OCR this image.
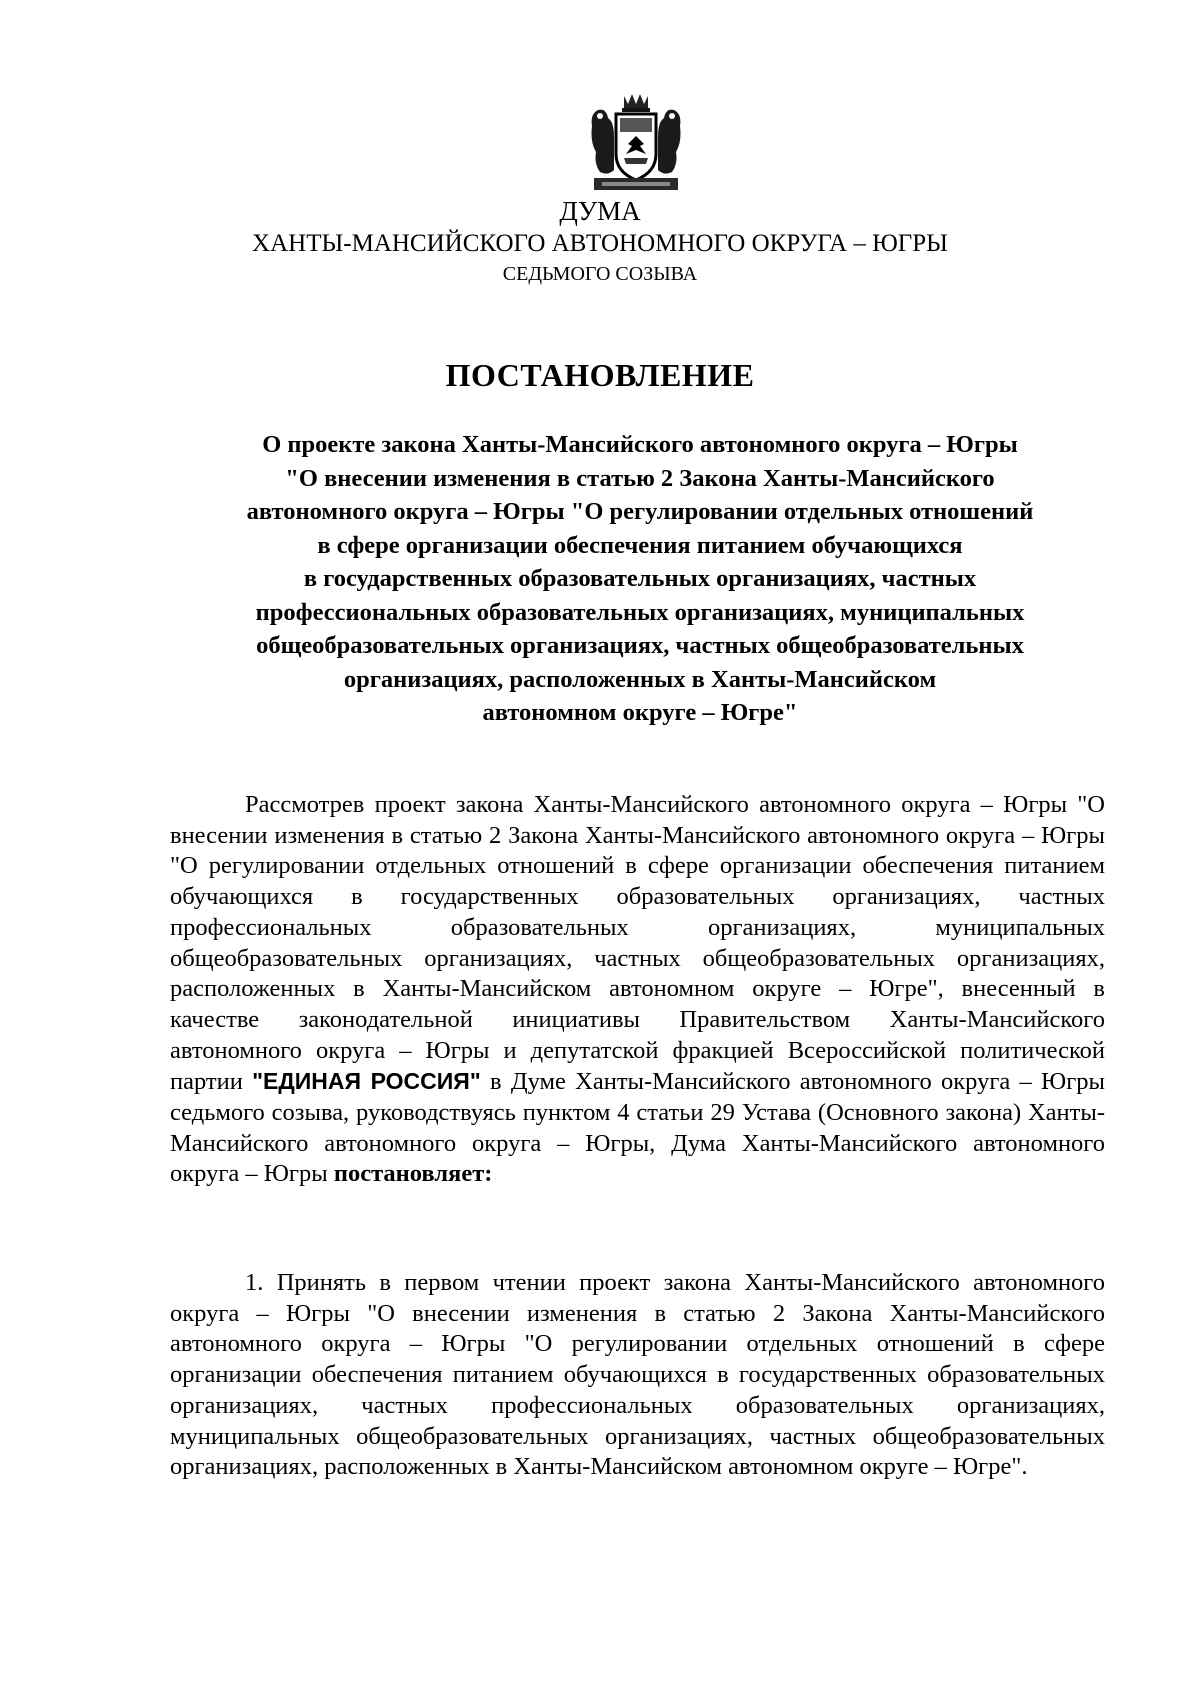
ДУМА
ХАНТЫ-МАНСИЙСКОГО АВТОНОМНОГО ОКРУГА – ЮГРЫ
СЕДЬМОГО СОЗЫВА
ПОСТАНОВЛЕНИЕ
О проекте закона Ханты-Мансийского автономного округа – Югры
"О внесении изменения в статью 2 Закона Ханты-Мансийского
автономного округа – Югры "О регулировании отдельных отношений
в сфере организации обеспечения питанием обучающихся
в государственных образовательных организациях, частных
профессиональных образовательных организациях, муниципальных
общеобразовательных организациях, частных общеобразовательных
организациях, расположенных в Ханты-Мансийском
автономном округе – Югре"

Рассмотрев проект закона Ханты-Мансийского автономного округа – Югры "О внесении изменения в статью 2 Закона Ханты-Мансийского автономного округа – Югры "О регулировании отдельных отношений в сфере организации обеспечения питанием обучающихся в государственных образовательных организациях, частных профессиональных образовательных организациях, муниципальных общеобразовательных организациях, частных общеобразовательных организациях, расположенных в Ханты-Мансийском автономном округе – Югре", внесенный в качестве законодательной инициативы Правительством Ханты-Мансийского автономного округа – Югры и депутатской фракцией Всероссийской политической партии "ЕДИНАЯ РОССИЯ" в Думе Ханты-Мансийского автономного округа – Югры седьмого созыва, руководствуясь пунктом 4 статьи 29 Устава (Основного закона) Ханты-Мансийского автономного округа – Югры, Дума Ханты-Мансийского автономного округа – Югры постановляет:

1. Принять в первом чтении проект закона Ханты-Мансийского автономного округа – Югры "О внесении изменения в статью 2 Закона Ханты-Мансийского автономного округа – Югры "О регулировании отдельных отношений в сфере организации обеспечения питанием обучающихся в государственных образовательных организациях, частных профессиональных образовательных организациях, муниципальных общеобразовательных организациях, частных общеобразовательных организациях, расположенных в Ханты-Мансийском автономном округе – Югре".
